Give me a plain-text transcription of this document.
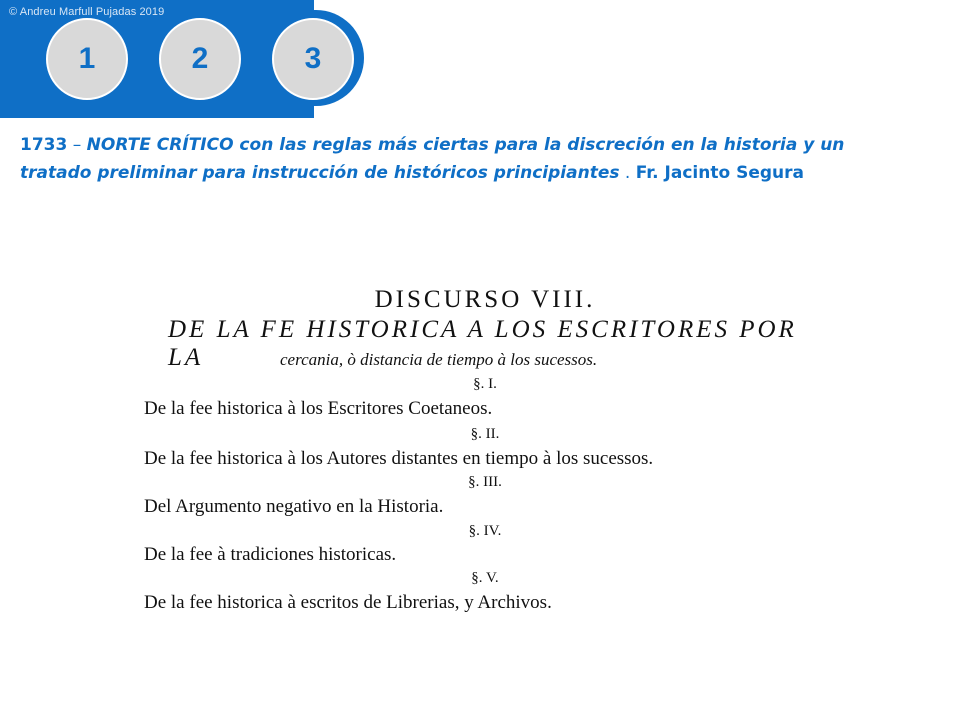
© Andreu Marfull Pujadas 2019
1	2	3
1733 – NORTE CRÍTICO con las reglas más ciertas para la discreción en la historia y un tratado preliminar para instrucción de históricos principiantes . Fr. Jacinto Segura
DISCURSO VIII.
DE LA FE HISTORICA A LOS ESCRITORES POR LA	cercania, ò distancia de tiempo à los sucessos.
§. I.
De la fee historica à los Escritores Coetaneos.
§. II.
De la fee historica à los Autores distantes en tiempo à los sucessos.
§. III.
Del Argumento negativo en la Historia.
§. IV.
De la fee à tradiciones historicas.
§. V.
De la fee historica à escritos de Librerias, y Archivos.
